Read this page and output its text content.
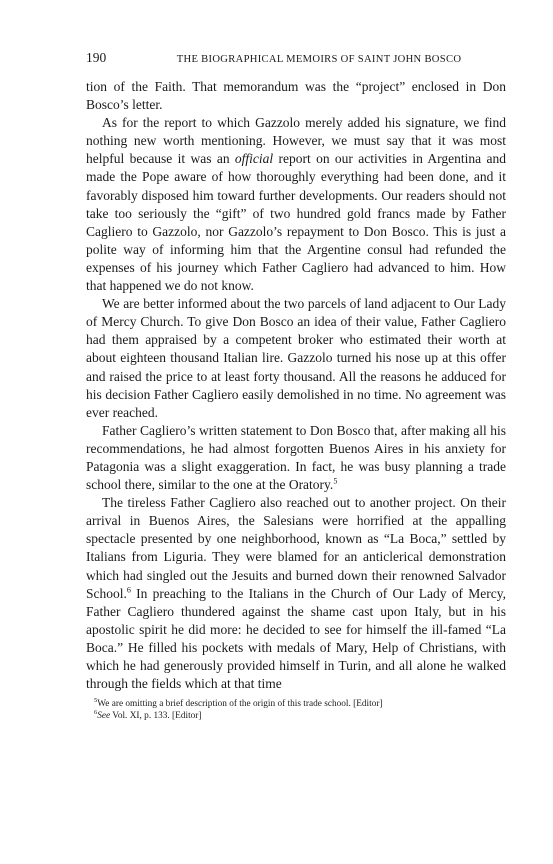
190	THE BIOGRAPHICAL MEMOIRS OF SAINT JOHN BOSCO

tion of the Faith. That memorandum was the “project” enclosed in Don Bosco’s letter.

As for the report to which Gazzolo merely added his signature, we find nothing new worth mentioning. However, we must say that it was most helpful because it was an official report on our activities in Argentina and made the Pope aware of how thoroughly everything had been done, and it favorably disposed him toward further developments. Our readers should not take too seriously the “gift” of two hundred gold francs made by Father Cagliero to Gazzolo, nor Gazzolo’s repayment to Don Bosco. This is just a polite way of informing him that the Argentine consul had refunded the expenses of his journey which Father Cagliero had advanced to him. How that happened we do not know.

We are better informed about the two parcels of land adjacent to Our Lady of Mercy Church. To give Don Bosco an idea of their value, Father Cagliero had them appraised by a competent broker who estimated their worth at about eighteen thousand Italian lire. Gazzolo turned his nose up at this offer and raised the price to at least forty thousand. All the reasons he adduced for his decision Father Cagliero easily demolished in no time. No agreement was ever reached.

Father Cagliero’s written statement to Don Bosco that, after making all his recommendations, he had almost forgotten Buenos Aires in his anxiety for Patagonia was a slight exaggeration. In fact, he was busy planning a trade school there, similar to the one at the Oratory.$^5$

The tireless Father Cagliero also reached out to another project. On their arrival in Buenos Aires, the Salesians were horrified at the appalling spectacle presented by one neighborhood, known as “La Boca,” settled by Italians from Liguria. They were blamed for an anticlerical demonstration which had singled out the Jesuits and burned down their renowned Salvador School.$^6$ In preaching to the Italians in the Church of Our Lady of Mercy, Father Cagliero thundered against the shame cast upon Italy, but in his apostolic spirit he did more: he decided to see for himself the ill-famed “La Boca.” He filled his pockets with medals of Mary, Help of Christians, with which he had generously provided himself in Turin, and all alone he walked through the fields which at that time

$^5$We are omitting a brief description of the origin of this trade school. [Editor]

$^6$See Vol. XI, p. 133. [Editor]
